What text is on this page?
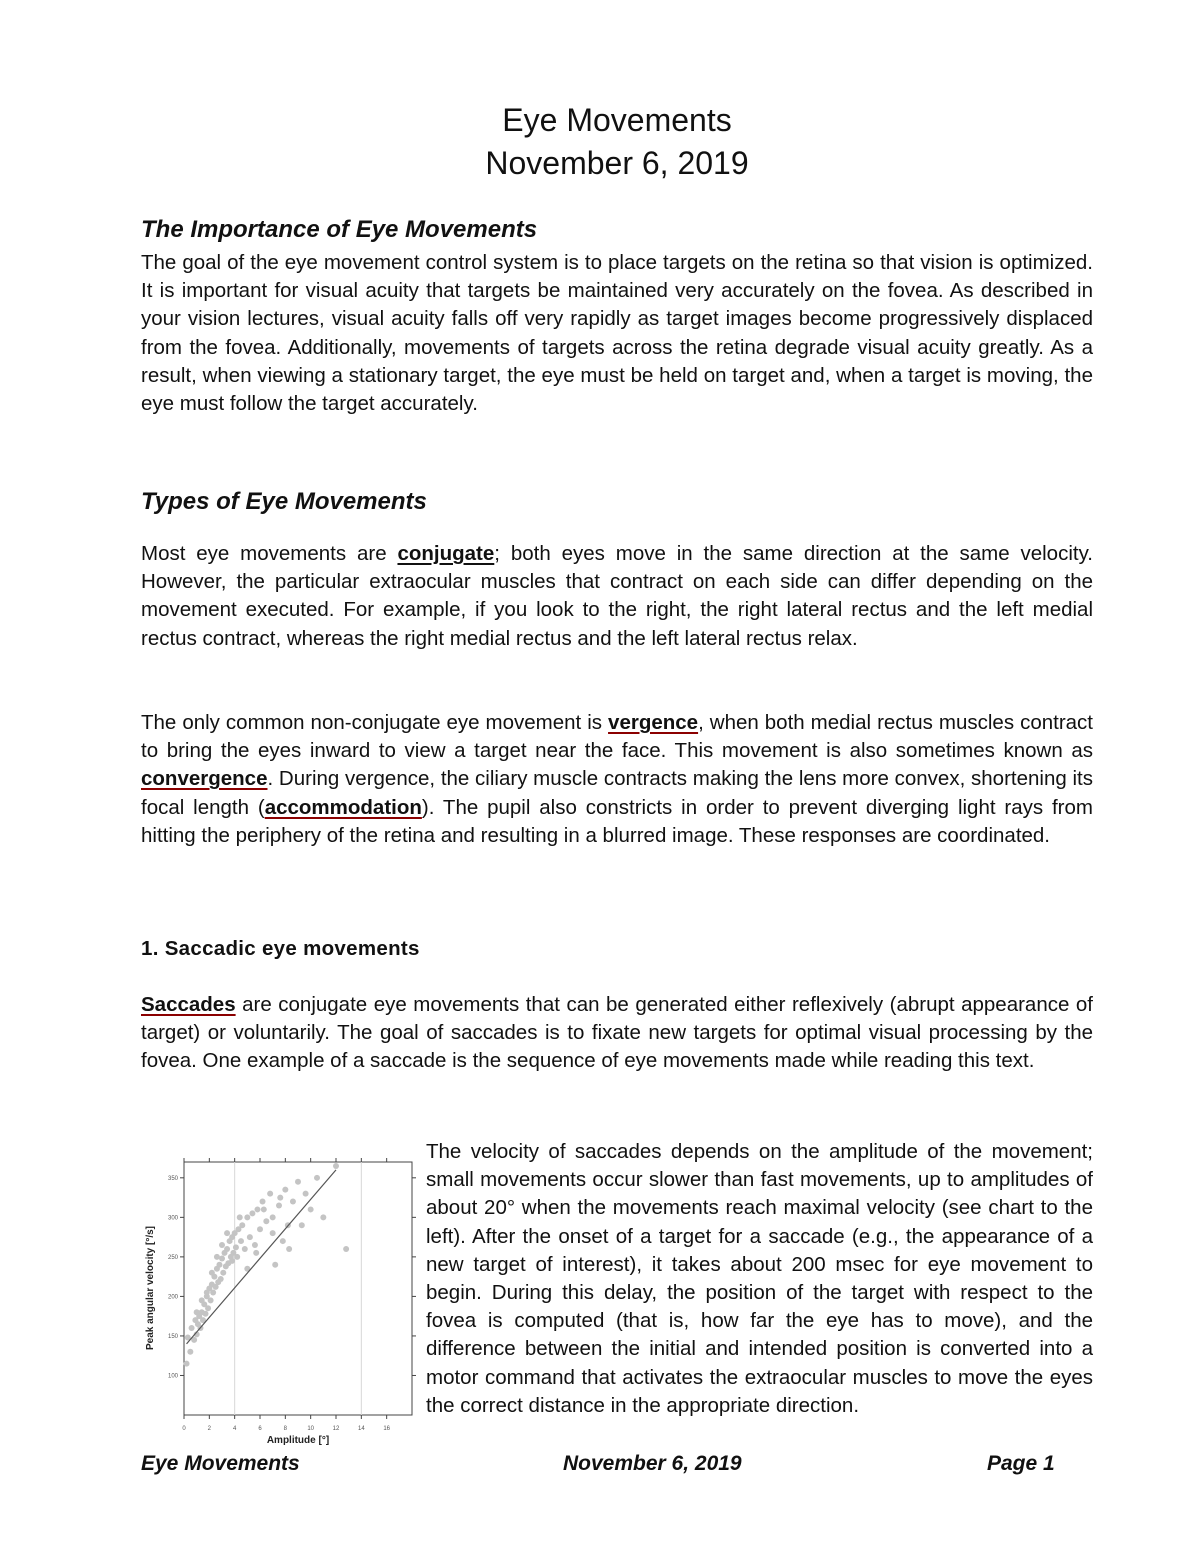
Eye Movements
November 6, 2019
The Importance of Eye Movements

The goal of the eye movement control system is to place targets on the retina so that vision is optimized. It is important for visual acuity that targets be maintained very accurately on the fovea. As described in your vision lectures, visual acuity falls off very rapidly as target images become progressively displaced from the fovea. Additionally, movements of targets across the retina degrade visual acuity greatly. As a result, when viewing a stationary target, the eye must be held on target and, when a target is moving, the eye must follow the target accurately.

Types of Eye Movements

Most eye movements are conjugate; both eyes move in the same direction at the same velocity. However, the particular extraocular muscles that contract on each side can differ depending on the movement executed. For example, if you look to the right, the right lateral rectus and the left medial rectus contract, whereas the right medial rectus and the left lateral rectus relax.

The only common non-conjugate eye movement is vergence, when both medial rectus muscles contract to bring the eyes inward to view a target near the face. This movement is also sometimes known as convergence. During vergence, the ciliary muscle contracts making the lens more convex, shortening its focal length (accommodation). The pupil also constricts in order to prevent diverging light rays from hitting the periphery of the retina and resulting in a blurred image. These responses are coordinated.

1. Saccadic eye movements

Saccades are conjugate eye movements that can be generated either reflexively (abrupt appearance of target) or voluntarily. The goal of saccades is to fixate new targets for optimal visual processing by the fovea. One example of a saccade is the sequence of eye movements made while reading this text.

The velocity of saccades depends on the amplitude of the movement; small movements occur slower than fast movements, up to amplitudes of about 20° when the movements reach maximal velocity (see chart to the left). After the onset of a target for a saccade (e.g., the appearance of a new target of interest), it takes about 200 msec for eye movement to begin. During this delay, the position of the target with respect to the fovea is computed (that is, how far the eye has to move), and the difference between the initial and intended position is converted into a motor command that activates the extraocular muscles to move the eyes the correct distance in the appropriate direction.

Eye Movements	November 6, 2019	Page 1
0	2	4	6	8	10	12	14	16
100
150
200
250
300
350
Amplitude [°]
Peak angular velocity [°/s]
